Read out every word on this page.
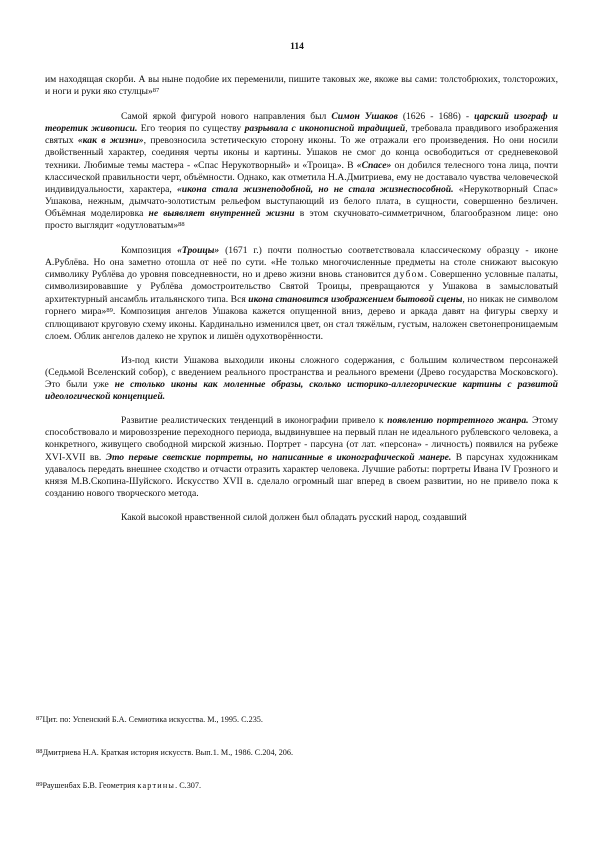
114

им находящая скорби. А вы ныне подобие их переменили, пишите таковых же, якоже вы сами: толстобрюхих, толсторожих, и ноги и руки яко стулцы»$^{87}$

Самой яркой фигурой нового направления был Симон Ушаков (1626 - 1686) - царский изограф и теоретик живописи. Его теория по существу разрывала с иконописной традицией, требовала правдивого изображения святых «как в жизни», превозносила эстетическую сторону иконы. То же отражали его произведения. Но они носили двойственный характер, соединяя черты иконы и картины. Ушаков не смог до конца освободиться от средневековой техники. Любимые темы мастера - «Спас Нерукотворный» и «Троица». В «Спасе» он добился телесного тона лица, почти классической правильности черт, объёмности. Однако, как отметила Н.А.Дмитриева, ему не доставало чувства человеческой индивидуальности, характера, «икона стала жизнеподобной, но не стала жизнеспособной. «Нерукотворный Спас» Ушакова, нежным, дымчато-золотистым рельефом выступающий из белого плата, в сущности, совершенно безличен. Объёмная моделировка не выявляет внутренней жизни в этом скучновато-симметричном, благообразном лице: оно просто выглядит «одутловатым»$^{88}$

Композиция «Троицы» (1671 г.) почти полностью соответствовала классическому образцу - иконе А.Рублёва. Но она заметно отошла от неё по сути. «Не только многочисленные предметы на столе снижают высокую символику Рублёва до уровня повседневности, но и древо жизни вновь становится дубом. Совершенно условные палаты, символизировавшие у Рублёва домостроительство Святой Троицы, превращаются у Ушакова в замысловатый архитектурный ансамбль итальянского типа. Вся икона становится изображением бытовой сцены, но никак не символом горнего мира»$^{89}$. Композиция ангелов Ушакова кажется опущенной вниз, дерево и аркада давят на фигуры сверху и сплющивают круговую схему иконы. Кардинально изменился цвет, он стал тяжёлым, густым, наложен светонепроницаемым слоем. Облик ангелов далеко не хрупок и лишён одухотворённости.

Из-под кисти Ушакова выходили иконы сложного содержания, с большим количеством персонажей (Седьмой Вселенский собор), с введением реального пространства и реального времени (Древо государства Московского). Это были уже не столько иконы как моленные образы, сколько историко-аллегорические картины с развитой идеологической концепцией.

Развитие реалистических тенденций в иконографии привело к появлению портретного жанра. Этому способствовало и мировоззрение переходного периода, выдвинувшее на первый план не идеального рублевского человека, а конкретного, живущего свободной мирской жизнью. Портрет - парсуна (от лат. «персона» - личность) появился на рубеже XVI-XVII вв. Это первые светские портреты, но написанные в иконографической манере. В парсунах художникам удавалось передать внешнее сходство и отчасти отразить характер человека. Лучшие работы: портреты Ивана IV Грозного и князя М.В.Скопина-Шуйского. Искусство XVII в. сделало огромный шаг вперед в своем развитии, но не привело пока к созданию нового творческого метода.

Какой высокой нравственной силой должен был обладать русский народ, создавший

$^{87}$Цит. по: Успенский Б.А. Семиотика искусства. М., 1995. С.235.
$^{88}$Дмитриева Н.А. Краткая история искусств. Вып.1. М., 1986. С.204, 206.
$^{89}$Раушенбах Б.В. Геометрия картины. С.307.
